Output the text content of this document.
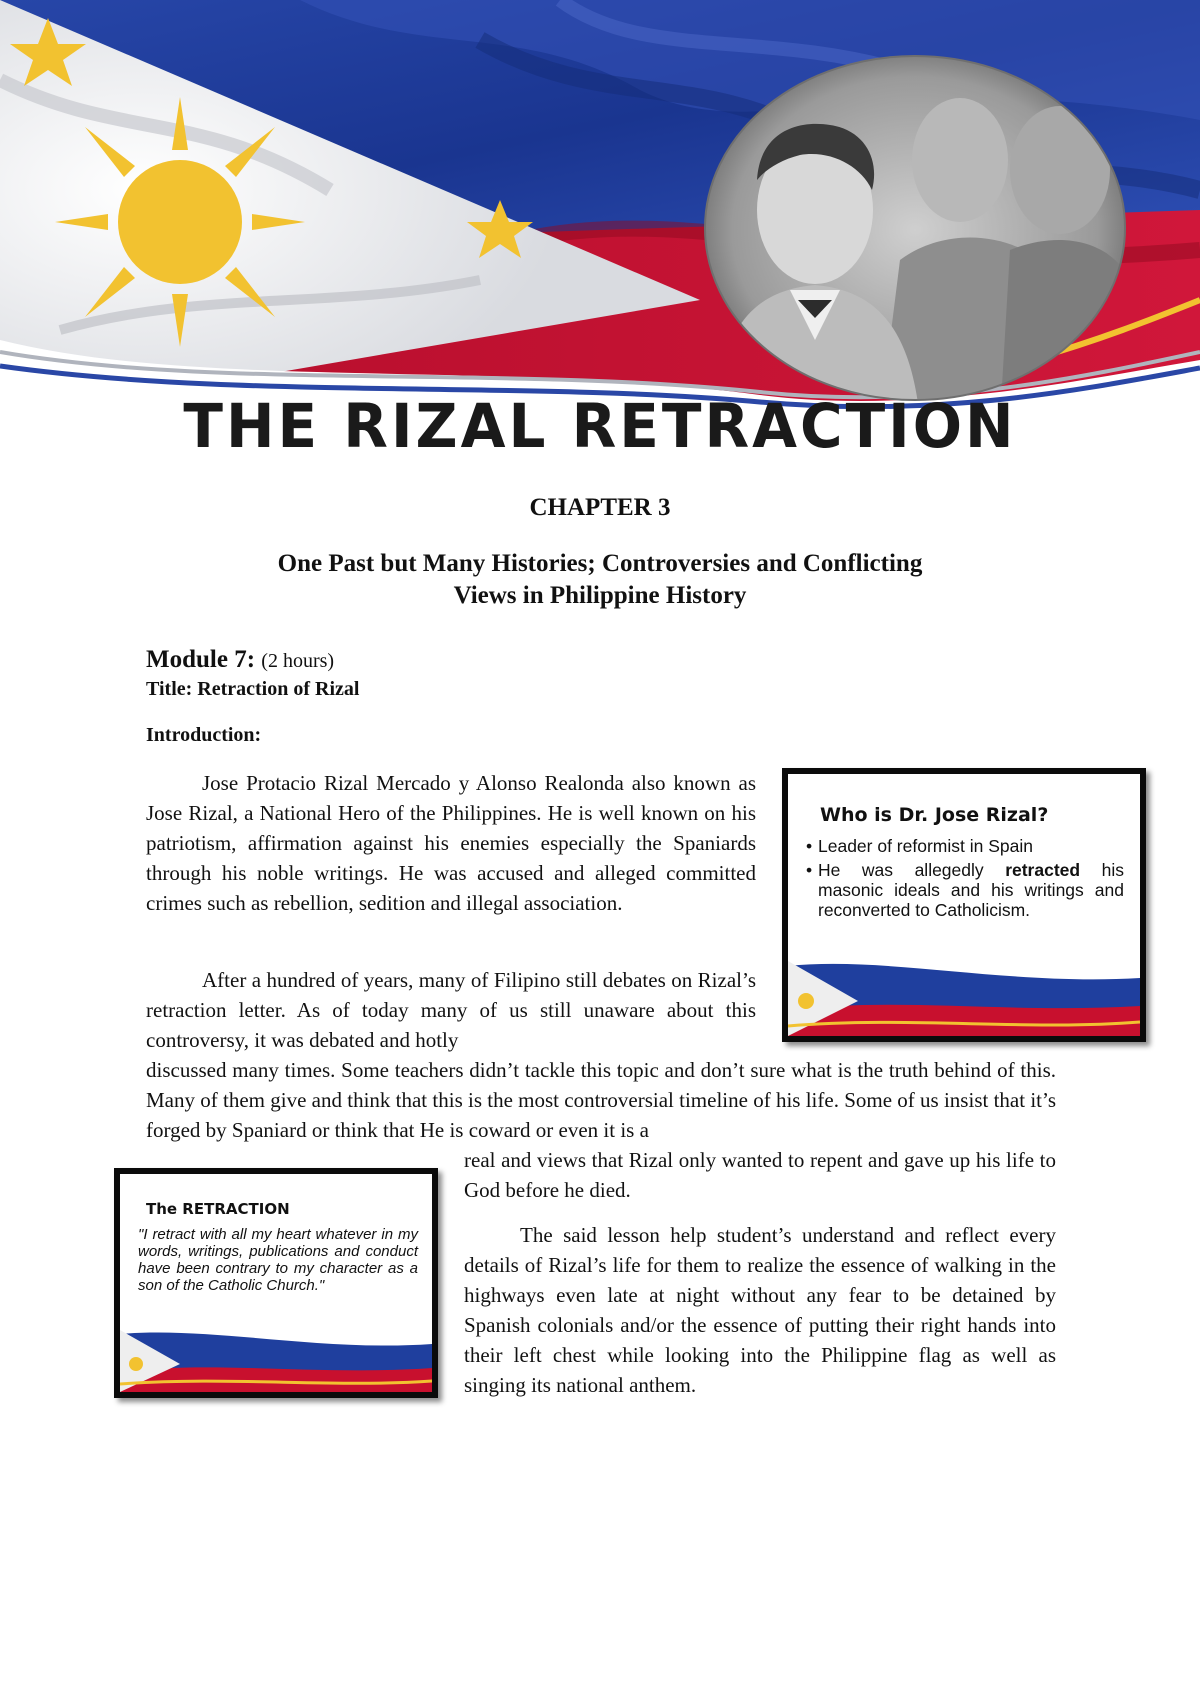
THE RIZAL RETRACTION
CHAPTER 3
One Past but Many Histories; Controversies and Conflicting
Views in Philippine History
Module 7: (2 hours)
Title: Retraction of Rizal
Introduction:

Jose Protacio Rizal Mercado y Alonso Realonda also known as Jose Rizal, a National Hero of the Philippines. He is well known on his patriotism, affirmation against his enemies especially the Spaniards through his noble writings. He was accused and alleged committed crimes such as rebellion, sedition and illegal association.

After a hundred of years, many of Filipino still debates on Rizal’s retraction letter. As of today many of us still unaware about this controversy, it was debated and hotly

discussed many times. Some teachers didn’t tackle this topic and don’t sure what is the truth behind of this. Many of them give and think that this is the most controversial timeline of his life. Some of us insist that it’s forged by Spaniard or think that He is coward or even it is a

real and views that Rizal only wanted to repent and gave up his life to God before he died.

The said lesson help student’s understand and reflect every details of Rizal’s life for them to realize the essence of walking in the highways even late at night without any fear to be detained by Spanish colonials and/or the essence of putting their right hands into their left chest while looking into the Philippine flag as well as singing its national anthem.

Who is Dr. Jose Rizal?
• Leader of reformist in Spain
• He was allegedly retracted his masonic ideals and his writings and reconverted to Catholicism.
The RETRACTION

"I retract with all my heart whatever in my words, writings, publications and conduct have been contrary to my character as a son of the Catholic Church."
